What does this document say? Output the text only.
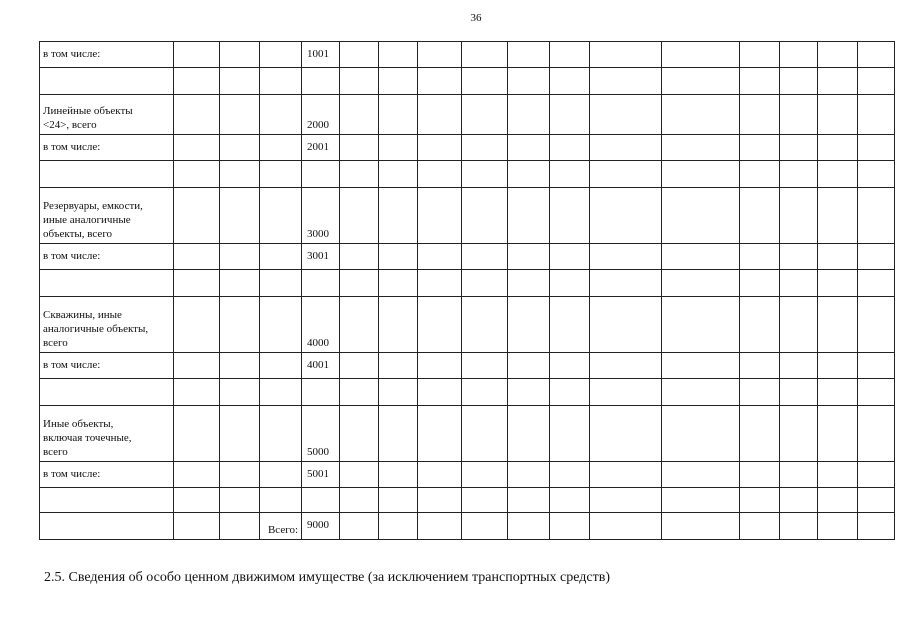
36
в том числе:				1001												

Линейные объекты
<24>, всего				2000												
в том числе:				2001												

Резервуары, емкости,
иные аналогичные
объекты, всего				3000												
в том числе:				3001												

Скважины, иные
аналогичные объекты,
всего				4000												
в том числе:				4001												

Иные объекты,
включая точечные,
всего				5000												
в том числе:				5001												

			Всего:	9000												
2.5. Сведения об особо ценном движимом имуществе (за исключением транспортных средств)
